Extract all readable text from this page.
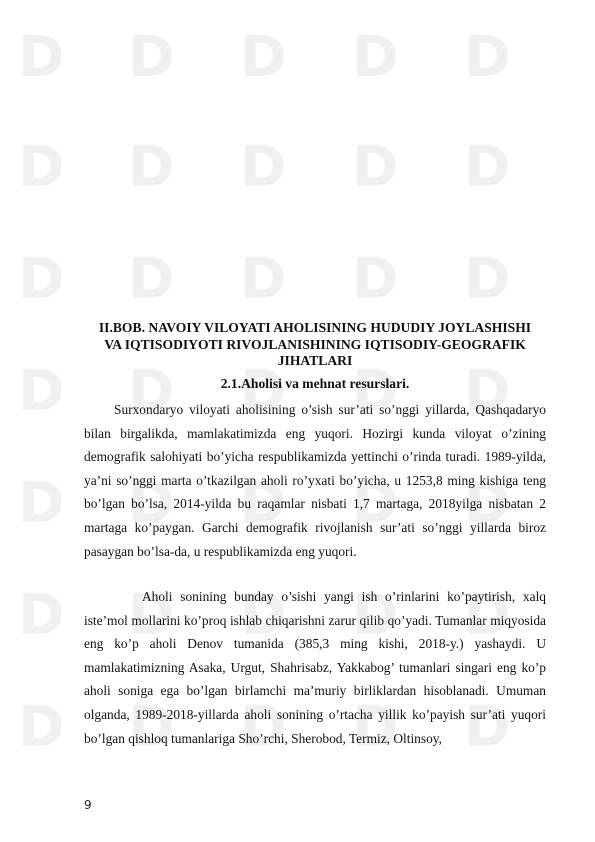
D D D D D
D D D D D
D D D D D
D D D D D
D D D D D
D D D D D
D D D D D
II.BOB. NAVOIY VILOYATI AHOLISINING HUDUDIY JOYLASHISHI
VA IQTISODIYOTI RIVOJLANISHINING IQTISODIY-GEOGRAFIK
JIHATLARI
2.1.Aholisi va mehnat resurslari.

Surxondaryo viloyati aholisining o’sish sur’ati so’nggi yillarda, Qashqadaryo bilan birgalikda, mamlakatimizda eng yuqori. Hozirgi kunda viloyat o’zining demografik salohiyati bo’yicha respublikamizda yettinchi o’rinda turadi. 1989-yilda, ya’ni so’nggi marta o’tkazilgan aholi ro’yxati bo’yicha, u 1253,8 ming kishiga teng bo’lgan bo’lsa, 2014-yilda bu raqamlar nisbati 1,7 martaga, 2018yilga nisbatan 2 martaga ko’paygan. Garchi demografik rivojlanish sur’ati so’nggi yillarda biroz pasaygan bo’lsa-da, u respublikamizda eng yuqori.

Aholi sonining bunday o’sishi yangi ish o’rinlarini ko’paytirish, xalq iste’mol mollarini ko’proq ishlab chiqarishni zarur qilib qo’yadi. Tumanlar miqyosida eng ko’p aholi Denov tumanida (385,3 ming kishi, 2018-y.) yashaydi. U mamlakatimizning Asaka, Urgut, Shahrisabz, Yakkabog’ tumanlari singari eng ko’p aholi soniga ega bo’lgan birlamchi ma’muriy birliklardan hisoblanadi. Umuman olganda, 1989-2018-yillarda aholi sonining o’rtacha yillik ko’payish sur’ati yuqori bo’lgan qishloq tumanlariga Sho’rchi, Sherobod, Termiz, Oltinsoy,

9
